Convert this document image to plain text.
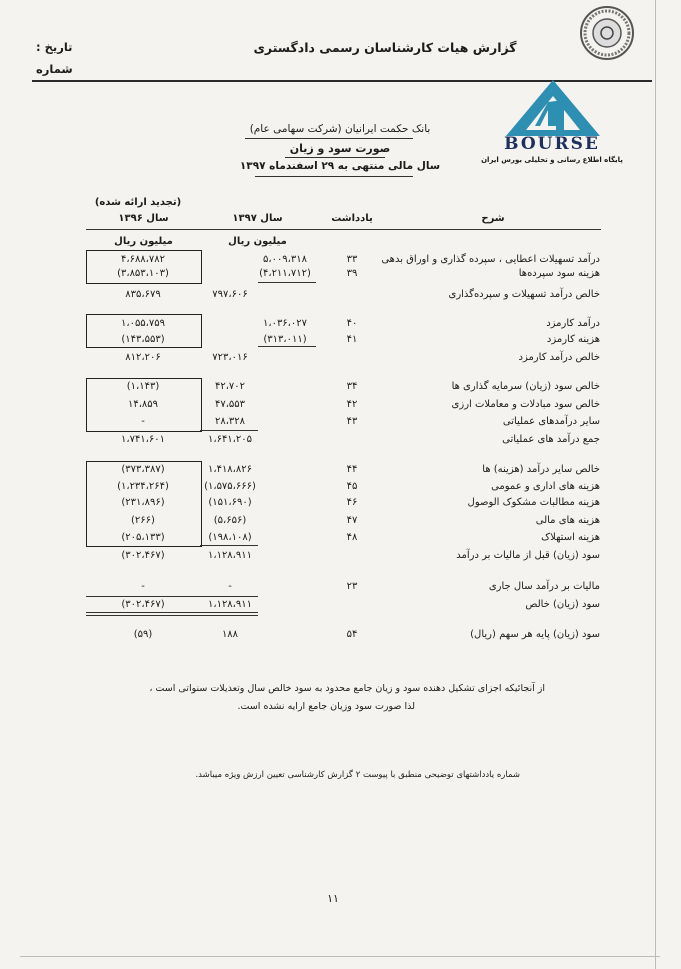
گزارش هیات کارشناسان رسمی دادگستری
تاریخ :
شماره
BOURSE
پایگاه اطلاع رسانی و تحلیلی بورس ایران
بانک حکمت ایرانیان (شرکت سهامی عام)
صورت سود و زیان
سال مالی منتهی به ۲۹ اسفندماه ۱۳۹۷
(تجدید ارائه شده)
شرح
یادداشت
سال ۱۳۹۷
سال ۱۳۹۶
میلیون ریال
میلیون ریال
درآمد تسهیلات اعطایی ، سپرده گذاری و اوراق بدهی
۳۳
۵،۰۰۹،۳۱۸
۴،۶۸۸،۷۸۲
هزینه سود سپرده‌ها
۳۹
(۴،۲۱۱،۷۱۲)
(۳،۸۵۳،۱۰۳)
خالص درآمد تسهیلات و سپرده‌گذاری
۷۹۷،۶۰۶
۸۳۵،۶۷۹
درآمد کارمزد
۴۰
۱،۰۳۶،۰۲۷
۱،۰۵۵،۷۵۹
هزینه کارمزد
۴۱
(۳۱۳،۰۱۱)
(۱۴۳،۵۵۳)
خالص درآمد کارمزد
۷۲۳،۰۱۶
۸۱۲،۲۰۶
خالص سود (زیان) سرمایه گذاری ها
۳۴
۴۲،۷۰۲
(۱،۱۴۳)
خالص سود مبادلات و معاملات ارزی
۴۲
۴۷،۵۵۳
۱۴،۸۵۹
سایر درآمدهای عملیاتی
۴۳
۲۸،۳۲۸
-
جمع درآمد های عملیاتی
۱،۶۴۱،۲۰۵
۱،۷۴۱،۶۰۱
خالص سایر درآمد (هزینه) ها
۴۴
۱،۴۱۸،۸۲۶
(۳۷۳،۳۸۷)
هزینه های اداری و عمومی
۴۵
(۱،۵۷۵،۶۶۶)
(۱،۲۳۴،۲۶۴)
هزینه مطالبات مشکوک الوصول
۴۶
(۱۵۱،۶۹۰)
(۲۳۱،۸۹۶)
هزینه های مالی
۴۷
(۵،۶۵۶)
(۲۶۶)
هزینه استهلاک
۴۸
(۱۹۸،۱۰۸)
(۲۰۵،۱۳۳)
سود (زیان) قبل از مالیات بر درآمد
۱،۱۲۸،۹۱۱
(۳۰۲،۴۶۷)
مالیات بر درآمد سال جاری
۲۳
-
-
سود (زیان) خالص
۱،۱۲۸،۹۱۱
(۳۰۲،۴۶۷)
سود (زیان) پایه هر سهم (ریال)
۵۴
۱۸۸
(۵۹)
از آنجائیکه اجزای تشکیل دهنده سود و زیان جامع محدود به سود خالص سال وتعدیلات سنواتی است ،
لذا صورت سود وزیان جامع ارایه نشده است.
شماره یادداشتهای توضیحی منطبق با پیوست ۲ گزارش کارشناسی تعیین ارزش ویژه میباشد.
۱۱
